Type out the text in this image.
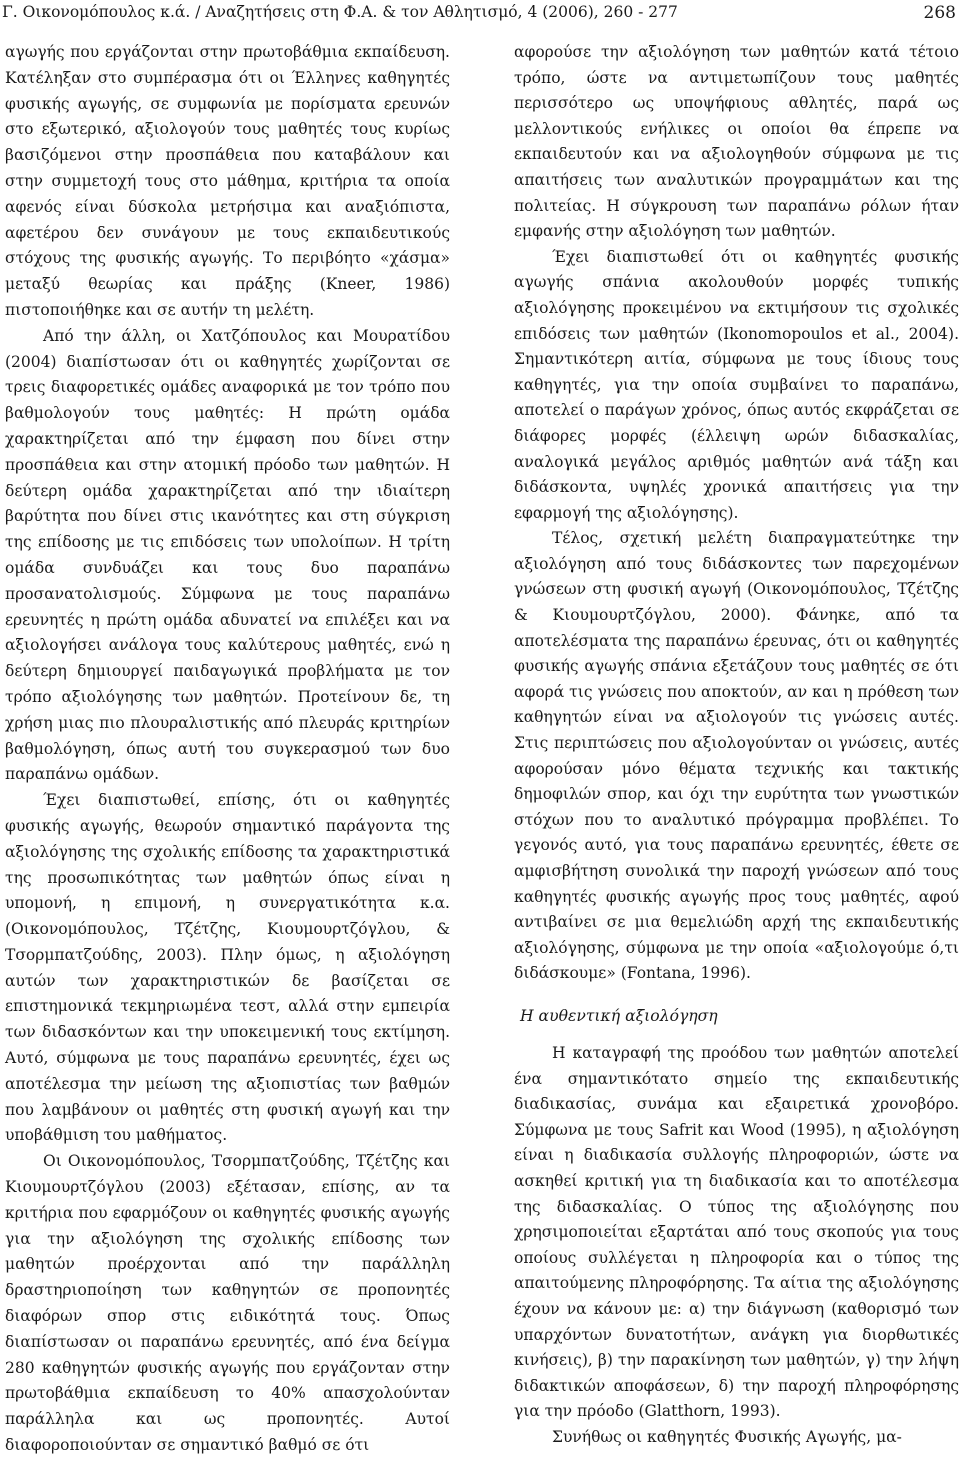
Γ. Οικονομόπουλος κ.ά. / Αναζητήσεις στη Φ.Α. & τον Αθλητισμό, 4 (2006), 260 - 277	268

αγωγής που εργάζονται στην πρωτοβάθμια εκπαίδευση. Κατέληξαν στο συμπέρασμα ότι οι Έλληνες καθηγητές φυσικής αγωγής, σε συμφωνία με πορίσματα ερευνών στο εξωτερικό, αξιολογούν τους μαθητές τους κυρίως βασιζόμενοι στην προσπάθεια που καταβάλουν και στην συμμετοχή τους στο μάθημα, κριτήρια τα οποία αφενός είναι δύσκολα μετρήσιμα και αναξιόπιστα, αφετέρου δεν συνάγουν με τους εκπαιδευτικούς στόχους της φυσικής αγωγής. Το περιβόητο «χάσμα» μεταξύ θεωρίας και πράξης (Kneer, 1986) πιστοποιήθηκε και σε αυτήν τη μελέτη.

Από την άλλη, οι Χατζόπουλος και Μουρατίδου (2004) διαπίστωσαν ότι οι καθηγητές χωρίζονται σε τρεις διαφορετικές ομάδες αναφορικά με τον τρόπο που βαθμολογούν τους μαθητές: Η πρώτη ομάδα χαρακτηρίζεται από την έμφαση που δίνει στην προσπάθεια και στην ατομική πρόοδο των μαθητών. Η δεύτερη ομάδα χαρακτηρίζεται από την ιδιαίτερη βαρύτητα που δίνει στις ικανότητες και στη σύγκριση της επίδοσης με τις επιδόσεις των υπολοίπων. Η τρίτη ομάδα συνδυάζει και τους δυο παραπάνω προσανατολισμούς. Σύμφωνα με τους παραπάνω ερευνητές η πρώτη ομάδα αδυνατεί να επιλέξει και να αξιολογήσει ανάλογα τους καλύτερους μαθητές, ενώ η δεύτερη δημιουργεί παιδαγωγικά προβλήματα με τον τρόπο αξιολόγησης των μαθητών. Προτείνουν δε, τη χρήση μιας πιο πλουραλιστικής από πλευράς κριτηρίων βαθμολόγηση, όπως αυτή του συγκερασμού των δυο παραπάνω ομάδων.

Έχει διαπιστωθεί, επίσης, ότι οι καθηγητές φυσικής αγωγής, θεωρούν σημαντικό παράγοντα της αξιολόγησης της σχολικής επίδοσης τα χαρακτηριστικά της προσωπικότητας των μαθητών όπως είναι η υπομονή, η επιμονή, η συνεργατικότητα κ.α. (Οικονομόπουλος, Τζέτζης, Κιουμουρτζόγλου, & Τσορμπατζούδης, 2003). Πλην όμως, η αξιολόγηση αυτών των χαρακτηριστικών δε βασίζεται σε επιστημονικά τεκμηριωμένα τεστ, αλλά στην εμπειρία των διδασκόντων και την υποκειμενική τους εκτίμηση. Αυτό, σύμφωνα με τους παραπάνω ερευνητές, έχει ως αποτέλεσμα την μείωση της αξιοπιστίας των βαθμών που λαμβάνουν οι μαθητές στη φυσική αγωγή και την υποβάθμιση του μαθήματος.

Οι Οικονομόπουλος, Τσορμπατζούδης, Τζέτζης και Κιουμουρτζόγλου (2003) εξέτασαν, επίσης, αν τα κριτήρια που εφαρμόζουν οι καθηγητές φυσικής αγωγής για την αξιολόγηση της σχολικής επίδοσης των μαθητών προέρχονται από την παράλληλη δραστηριοποίηση των καθηγητών σε προπονητές διαφόρων σπορ στις ειδικότητά τους. Όπως διαπίστωσαν οι παραπάνω ερευνητές, από ένα δείγμα 280 καθηγητών φυσικής αγωγής που εργάζονταν στην πρωτοβάθμια εκπαίδευση το 40% απασχολούνταν παράλληλα και ως προπονητές. Αυτοί διαφοροποιούνταν σε σημαντικό βαθμό σε ότι

αφορούσε την αξιολόγηση των μαθητών κατά τέτοιο τρόπο, ώστε να αντιμετωπίζουν τους μαθητές περισσότερο ως υποψήφιους αθλητές, παρά ως μελλοντικούς ενήλικες οι οποίοι θα έπρεπε να εκπαιδευτούν και να αξιολογηθούν σύμφωνα με τις απαιτήσεις των αναλυτικών προγραμμάτων και της πολιτείας. Η σύγκρουση των παραπάνω ρόλων ήταν εμφανής στην αξιολόγηση των μαθητών.

Έχει διαπιστωθεί ότι οι καθηγητές φυσικής αγωγής σπάνια ακολουθούν μορφές τυπικής αξιολόγησης προκειμένου να εκτιμήσουν τις σχολικές επιδόσεις των μαθητών (Ikonomopoulos et al., 2004). Σημαντικότερη αιτία, σύμφωνα με τους ίδιους τους καθηγητές, για την οποία συμβαίνει το παραπάνω, αποτελεί ο παράγων χρόνος, όπως αυτός εκφράζεται σε διάφορες μορφές (έλλειψη ωρών διδασκαλίας, αναλογικά μεγάλος αριθμός μαθητών ανά τάξη και διδάσκοντα, υψηλές χρονικά απαιτήσεις για την εφαρμογή της αξιολόγησης).

Τέλος, σχετική μελέτη διαπραγματεύτηκε την αξιολόγηση από τους διδάσκοντες των παρεχομένων γνώσεων στη φυσική αγωγή (Οικονομόπουλος, Τζέτζης & Κιουμουρτζόγλου, 2000). Φάνηκε, από τα αποτελέσματα της παραπάνω έρευνας, ότι οι καθηγητές φυσικής αγωγής σπάνια εξετάζουν τους μαθητές σε ότι αφορά τις γνώσεις που αποκτούν, αν και η πρόθεση των καθηγητών είναι να αξιολογούν τις γνώσεις αυτές. Στις περιπτώσεις που αξιολογούνταν οι γνώσεις, αυτές αφορούσαν μόνο θέματα τεχνικής και τακτικής δημοφιλών σπορ, και όχι την ευρύτητα των γνωστικών στόχων που το αναλυτικό πρόγραμμα προβλέπει. Το γεγονός αυτό, για τους παραπάνω ερευνητές, έθετε σε αμφισβήτηση συνολικά την παροχή γνώσεων από τους καθηγητές φυσικής αγωγής προς τους μαθητές, αφού αντιβαίνει σε μια θεμελιώδη αρχή της εκπαιδευτικής αξιολόγησης, σύμφωνα με την οποία «αξιολογούμε ό,τι διδάσκουμε» (Fontana, 1996).

Η αυθεντική αξιολόγηση

Η καταγραφή της προόδου των μαθητών αποτελεί ένα σημαντικότατο σημείο της εκπαιδευτικής διαδικασίας, συνάμα και εξαιρετικά χρονοβόρο. Σύμφωνα με τους Safrit και Wood (1995), η αξιολόγηση είναι η διαδικασία συλλογής πληροφοριών, ώστε να ασκηθεί κριτική για τη διαδικασία και το αποτέλεσμα της διδασκαλίας. Ο τύπος της αξιολόγησης που χρησιμοποιείται εξαρτάται από τους σκοπούς για τους οποίους συλλέγεται η πληροφορία και ο τύπος της απαιτούμενης πληροφόρησης. Τα αίτια της αξιολόγησης έχουν να κάνουν με: α) την διάγνωση (καθορισμό των υπαρχόντων δυνατοτήτων, ανάγκη για διορθωτικές κινήσεις), β) την παρακίνηση των μαθητών, γ) την λήψη διδακτικών αποφάσεων, δ) την παροχή πληροφόρησης για την πρόοδο (Glatthorn, 1993).

Συνήθως οι καθηγητές Φυσικής Αγωγής, μα-
